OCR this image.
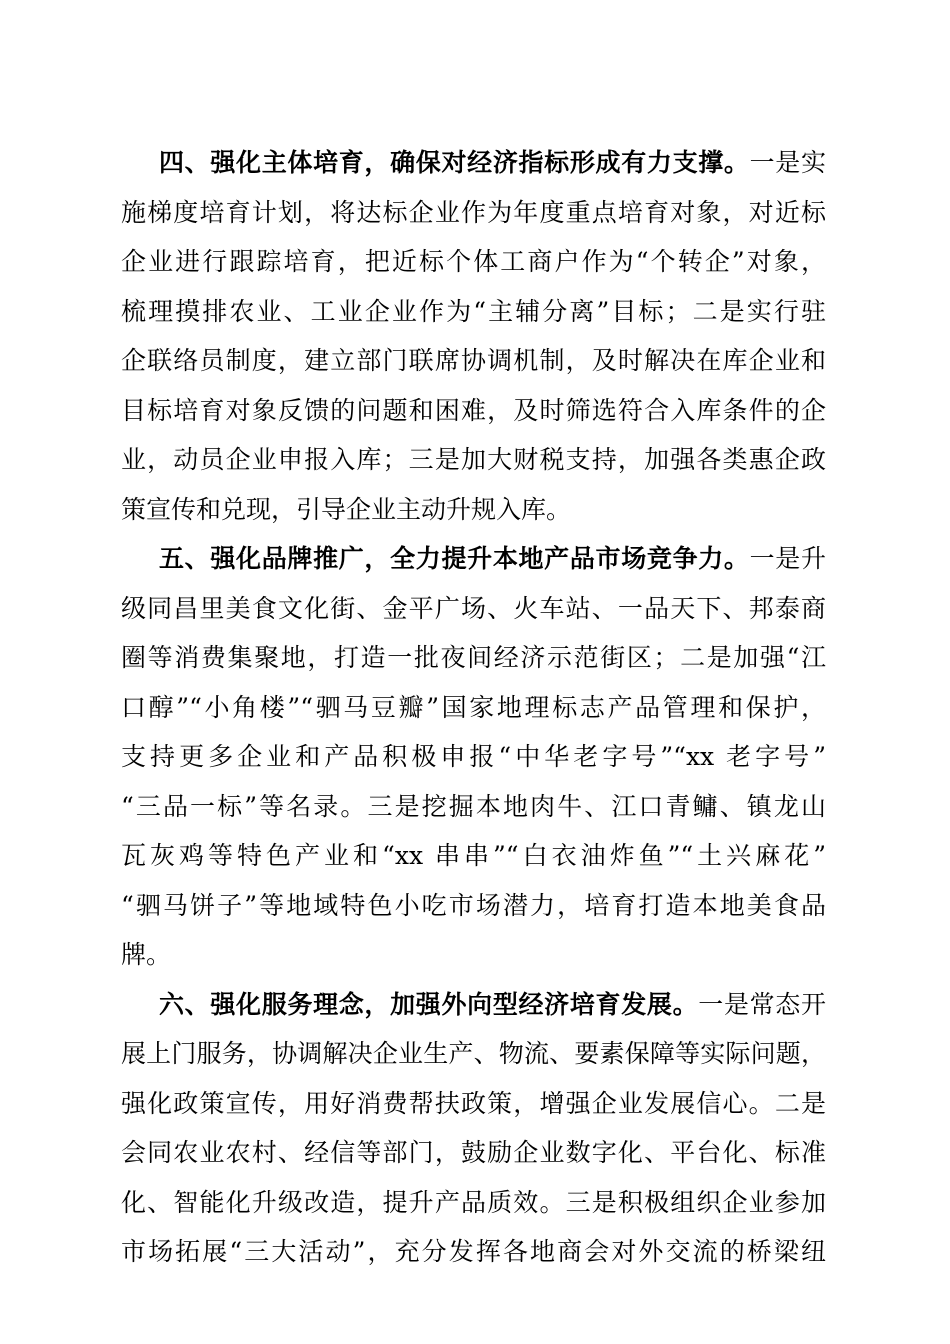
四、强化主体培育，确保对经济指标形成有力支撑。一是实
施梯度培育计划，将达标企业作为年度重点培育对象，对近标
企业进行跟踪培育，把近标个体工商户作为“个转企”对象，
梳理摸排农业、工业企业作为“主辅分离”目标；二是实行驻
企联络员制度，建立部门联席协调机制，及时解决在库企业和
目标培育对象反馈的问题和困难，及时筛选符合入库条件的企
业，动员企业申报入库；三是加大财税支持，加强各类惠企政
策宣传和兑现，引导企业主动升规入库。
五、强化品牌推广，全力提升本地产品市场竞争力。一是升
级同昌里美食文化街、金平广场、火车站、一品天下、邦泰商
圈等消费集聚地，打造一批夜间经济示范街区；二是加强“江
口醇”“小角楼”“驷马豆瓣”国家地理标志产品管理和保护，
支持更多企业和产品积极申报“中华老字号”“xx 老字号”
“三品一标”等名录。三是挖掘本地肉牛、江口青鳙、镇龙山
瓦灰鸡等特色产业和“xx 串串”“白衣油炸鱼”“土兴麻花”
“驷马饼子”等地域特色小吃市场潜力，培育打造本地美食品
牌。
六、强化服务理念，加强外向型经济培育发展。一是常态开
展上门服务，协调解决企业生产、物流、要素保障等实际问题，
强化政策宣传，用好消费帮扶政策，增强企业发展信心。二是
会同农业农村、经信等部门，鼓励企业数字化、平台化、标准
化、智能化升级改造，提升产品质效。三是积极组织企业参加
市场拓展“三大活动”，充分发挥各地商会对外交流的桥梁纽
